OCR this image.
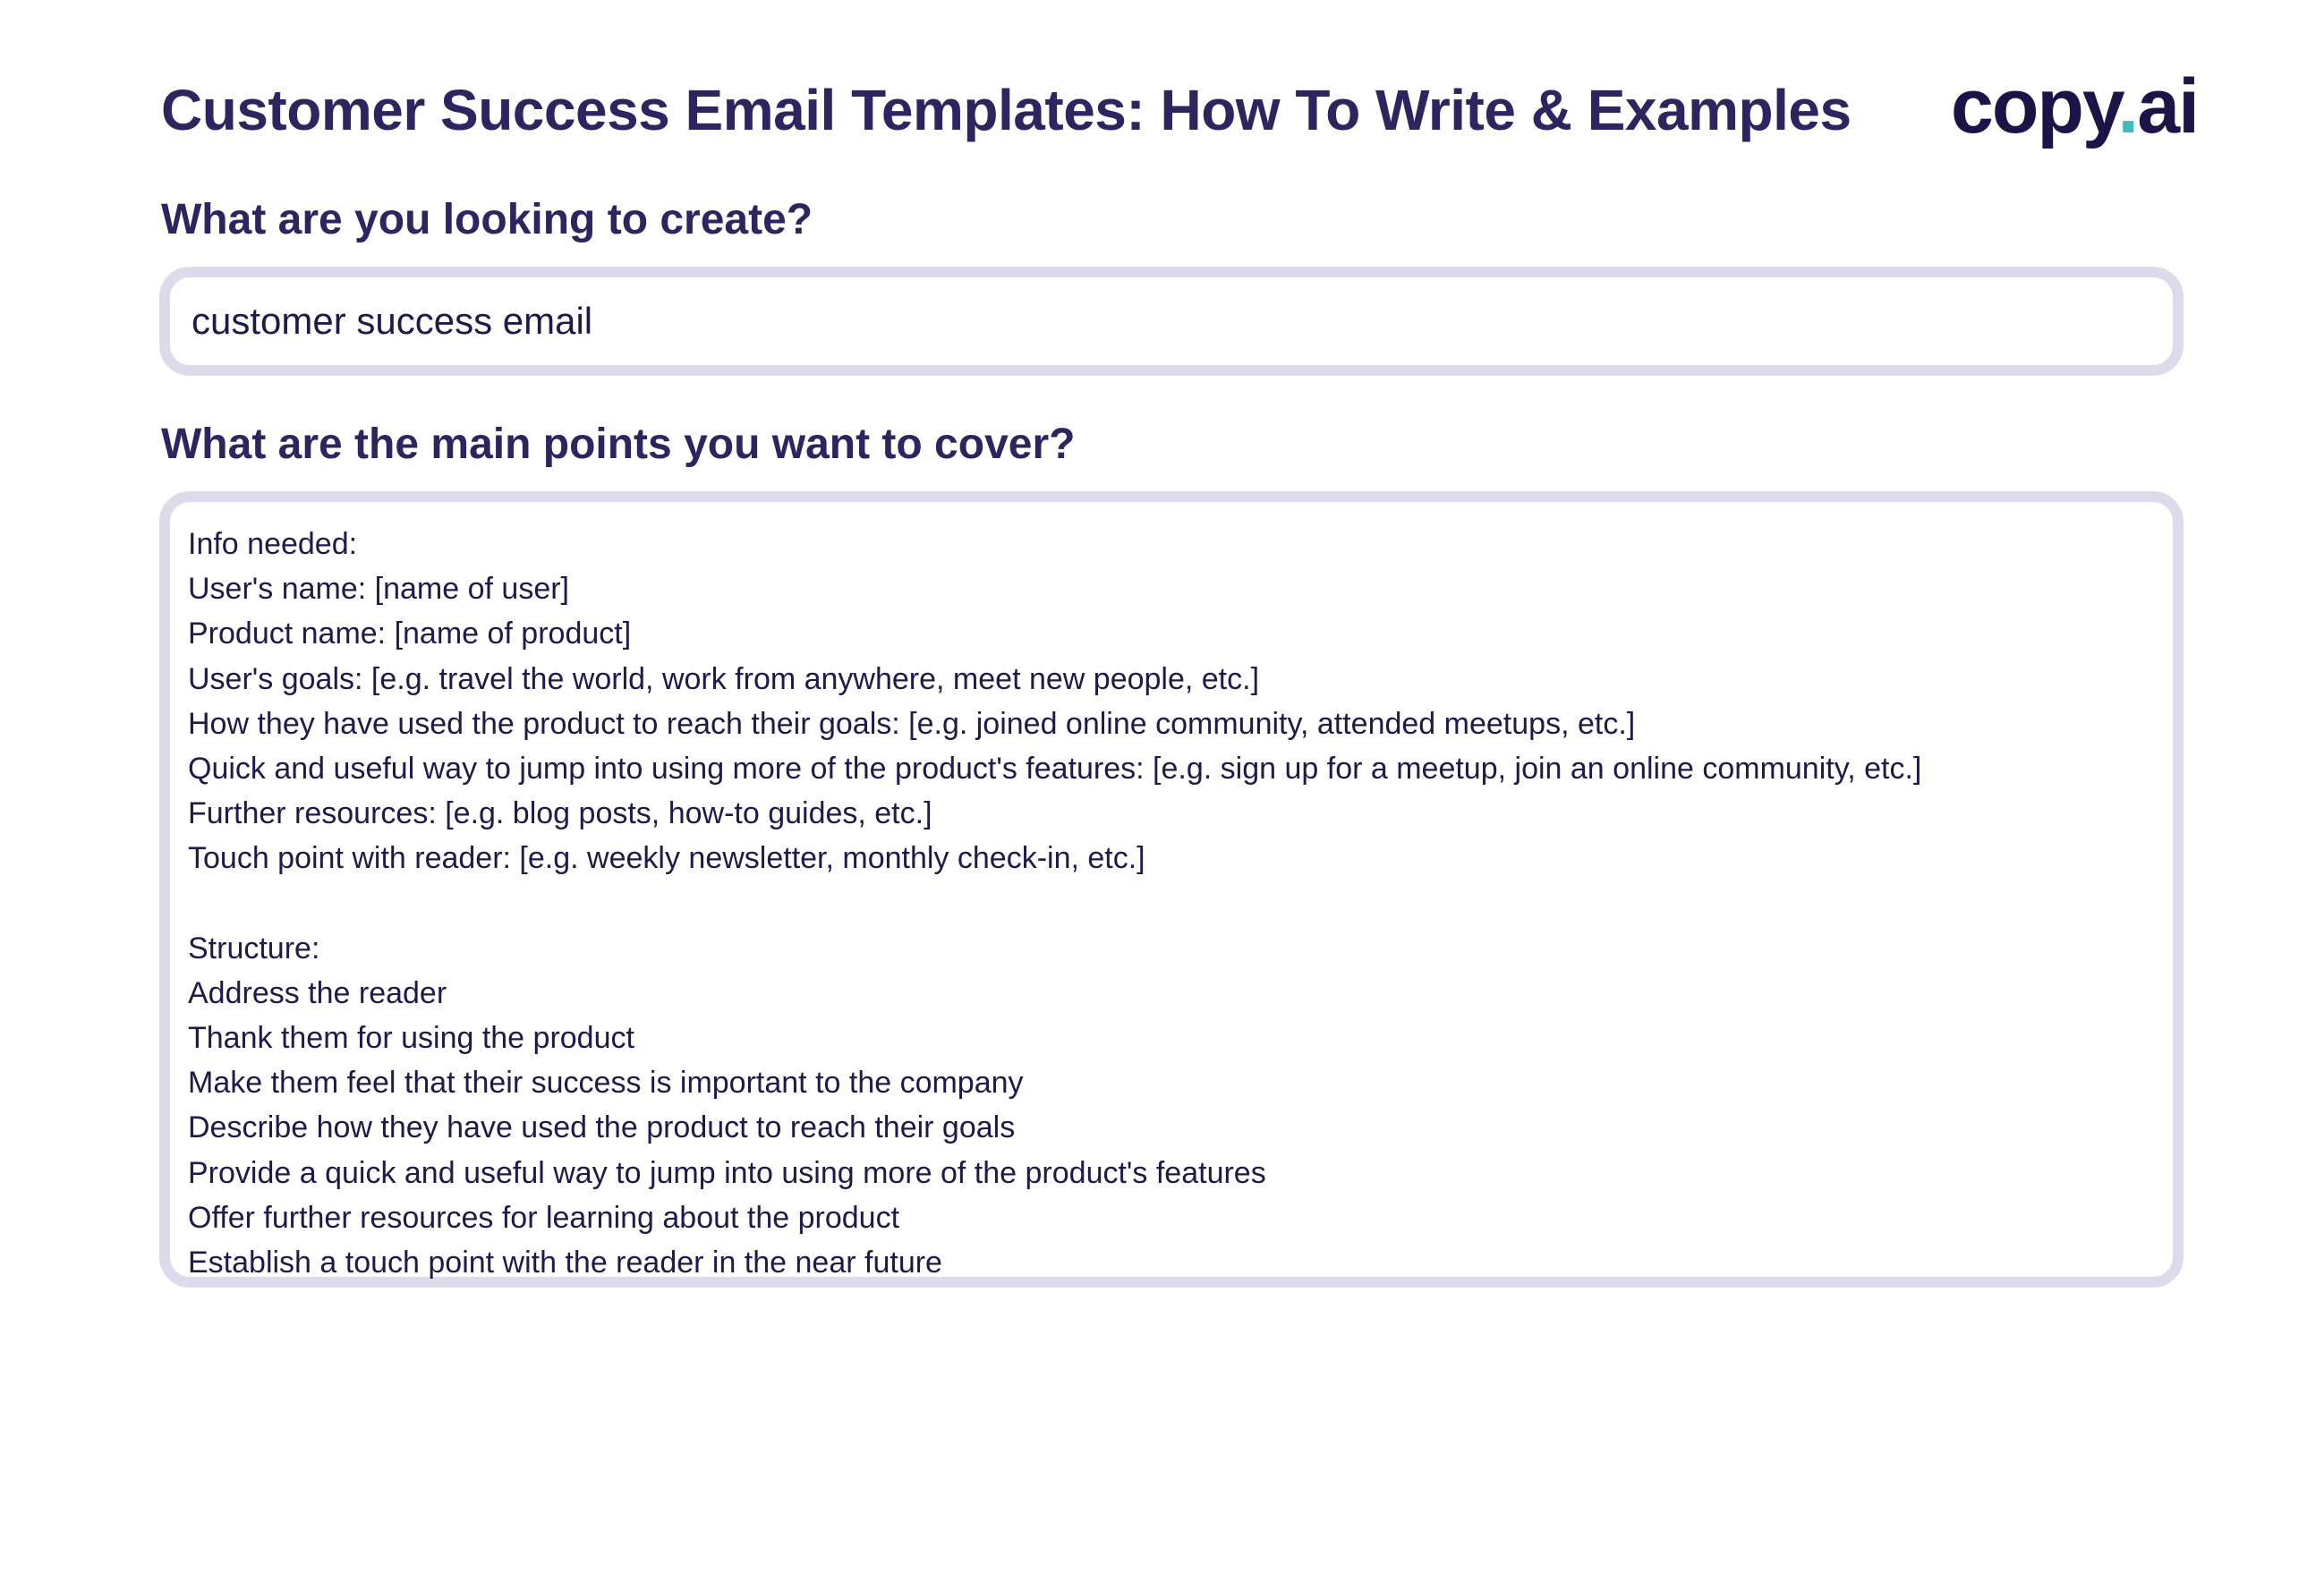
Customer Success Email Templates: How To Write & Examples copy.ai
What are you looking to create?
customer success email
What are the main points you want to cover?
Info needed:
User's name: [name of user]
Product name: [name of product]
User's goals: [e.g. travel the world, work from anywhere, meet new people, etc.]
How they have used the product to reach their goals: [e.g. joined online community, attended meetups, etc.]
Quick and useful way to jump into using more of the product's features: [e.g. sign up for a meetup, join an online community, etc.]
Further resources: [e.g. blog posts, how-to guides, etc.]
Touch point with reader: [e.g. weekly newsletter, monthly check-in, etc.]
Structure:
Address the reader
Thank them for using the product
Make them feel that their success is important to the company
Describe how they have used the product to reach their goals
Provide a quick and useful way to jump into using more of the product's features
Offer further resources for learning about the product
Establish a touch point with the reader in the near future
